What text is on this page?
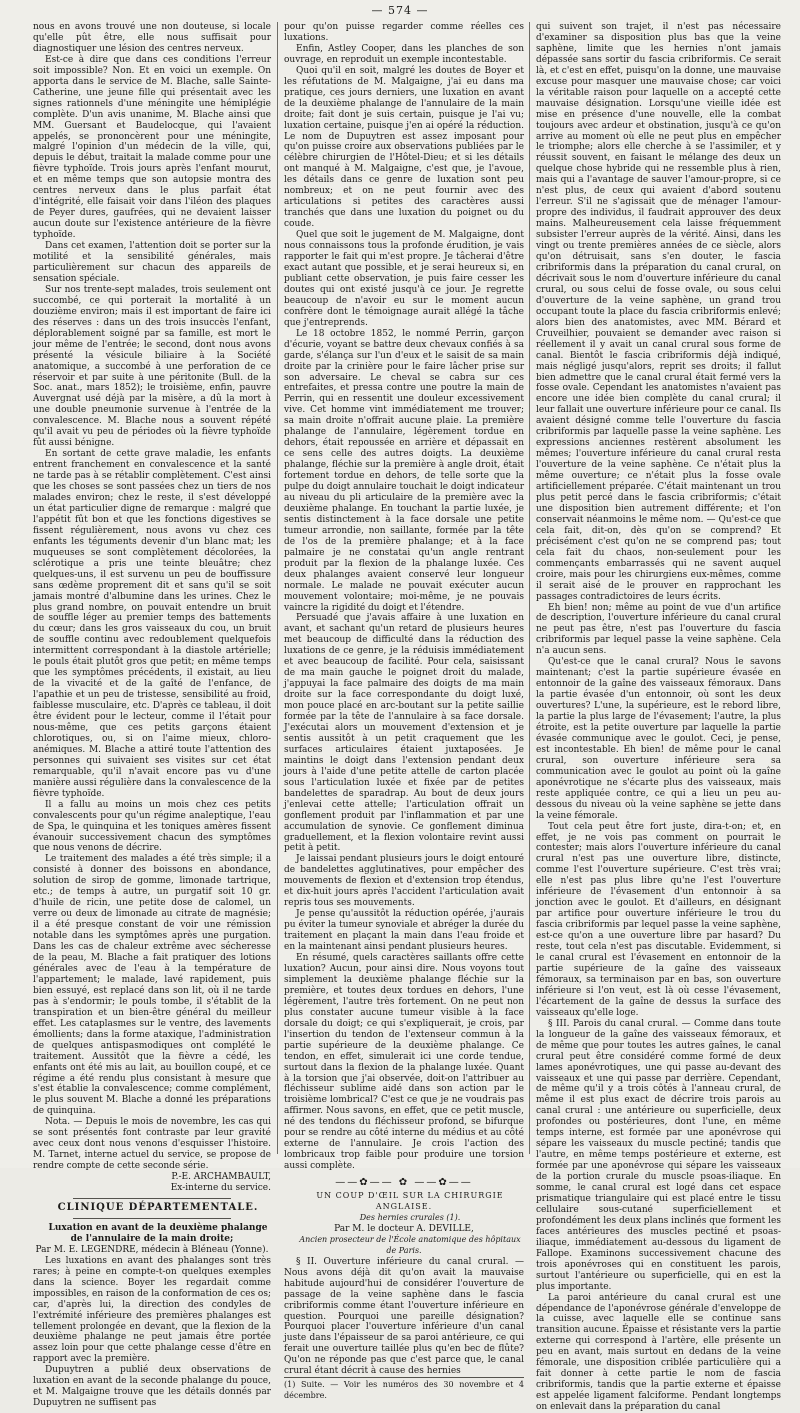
— 574 —

nous en avons trouvé une non douteuse, si locale qu'elle pût être, elle nous suffisait pour diagnostiquer une lésion des centres nerveux.

Est-ce à dire que dans ces conditions l'erreur soit impossible? Non. Et en voici un exemple. On apporta dans le service de M. Blache, salle Sainte-Catherine, une jeune fille qui présentait avec les signes rationnels d'une méningite une hémiplégie complète. D'un avis unanime, M. Blache ainsi que MM. Guersant et Baudelocque, qui l'avaient appelés, se prononcèrent pour une méningite, malgré l'opinion d'un médecin de la ville, qui, depuis le début, traitait la malade comme pour une fièvre typhoïde. Trois jours après l'enfant mourut, et en même temps que son autopsie montra des centres nerveux dans le plus parfait état d'intégrité, elle faisait voir dans l'iléon des plaques de Peyer dures, gaufrées, qui ne devaient laisser aucun doute sur l'existence antérieure de la fièvre typhoïde.

Dans cet examen, l'attention doit se porter sur la motilité et la sensibilité générales, mais particulièrement sur chacun des appareils de sensation spéciale.

Sur nos trente-sept malades, trois seulement ont succombé, ce qui porterait la mortalité à un douzième environ; mais il est important de faire ici des réserves : dans un des trois insuccès l'enfant, déplorablement soigné par sa famille, est mort le jour même de l'entrée; le second, dont nous avons présenté la vésicule biliaire à la Société anatomique, a succombé à une perforation de ce réservoir et par suite à une péritonite (Bull. de la Soc. anat., mars 1852); le troisième, enfin, pauvre Auvergnat usé déjà par la misère, a dû la mort à une double pneumonie survenue à l'entrée de la convalescence. M. Blache nous a souvent répété qu'il avait vu peu de périodes où la fièvre typhoïde fût aussi bénigne.

En sortant de cette grave maladie, les enfants entrent franchement en convalescence et la santé ne tarde pas à se rétablir complètement. C'est ainsi que les choses se sont passées chez un tiers de nos malades environ; chez le reste, il s'est développé un état particulier digne de remarque : malgré que l'appétit fût bon et que les fonctions digestives se fissent régulièrement, nous avons vu chez ces enfants les téguments devenir d'un blanc mat; les muqueuses se sont complètement décolorées, la sclérotique a pris une teinte bleuâtre; chez quelques-uns, il est survenu un peu de bouffissure sans œdème proprement dit et sans qu'il se soit jamais montré d'albumine dans les urines. Chez le plus grand nombre, on pouvait entendre un bruit de souffle léger au premier temps des battements du cœur; dans les gros vaisseaux du cou, un bruit de souffle continu avec redoublement quelquefois intermittent correspondant à la diastole artérielle; le pouls était plutôt gros que petit; en même temps que les symptômes précédents, il existait, au lieu de la vivacité et de la gaîté de l'enfance, de l'apathie et un peu de tristesse, sensibilité au froid, faiblesse musculaire, etc. D'après ce tableau, il doit être évident pour le lecteur, comme il l'était pour nous-même, que ces petits garçons étaient chlorotiques, ou, si on l'aime mieux, chloro-anémiques. M. Blache a attiré toute l'attention des personnes qui suivaient ses visites sur cet état remarquable, qu'il n'avait encore pas vu d'une manière aussi régulière dans la convalescence de la fièvre typhoïde.

Il a fallu au moins un mois chez ces petits convalescents pour qu'un régime analeptique, l'eau de Spa, le quinquina et les toniques amères fissent évanouir successivement chacun des symptômes que nous venons de décrire.

Le traitement des malades a été très simple; il a consisté à donner des boissons en abondance, solution de sirop de gomme, limonade tartrique, etc.; de temps à autre, un purgatif soit 10 gr. d'huile de ricin, une petite dose de calomel, un verre ou deux de limonade au citrate de magnésie; il a été presque constant de voir une rémission notable dans les symptômes après une purgation. Dans les cas de chaleur extrême avec sécheresse de la peau, M. Blache a fait pratiquer des lotions générales avec de l'eau à la température de l'appartement; le malade, lavé rapidement, puis bien essuyé, est replacé dans son lit, où il ne tarde pas à s'endormir; le pouls tombe, il s'établit de la transpiration et un bien-être général du meilleur effet. Les cataplasmes sur le ventre, des lavements émollients; dans la forme ataxique, l'administration de quelques antispasmodiques ont complété le traitement. Aussitôt que la fièvre a cédé, les enfants ont été mis au lait, au bouillon coupé, et ce régime a été rendu plus consistant à mesure que s'est établie la convalescence; comme complément, le plus souvent M. Blache a donné les préparations de quinquina.

Nota. — Depuis le mois de novembre, les cas qui se sont présentés font contraste par leur gravité avec ceux dont nous venons d'esquisser l'histoire. M. Tarnet, interne actuel du service, se propose de rendre compte de cette seconde série.

P.-E. ARCHAMBAULT,

Ex-interne du service.

CLINIQUE DÉPARTEMENTALE.

Luxation en avant de la deuxième phalange de l'annulaire de la main droite;

Par M. E. LEGENDRE, médecin à Bléneau (Yonne).

Les luxations en avant des phalanges sont très rares; à peine en compte-t-on quelques exemples dans la science. Boyer les regardait comme impossibles, en raison de la conformation de ces os; car, d'après lui, la direction des condyles de l'extrémité inférieure des premières phalanges est tellement prolongée en devant, que la flexion de la deuxième phalange ne peut jamais être portée assez loin pour que cette phalange cesse d'être en rapport avec la première.

Dupuytren a publié deux observations de luxation en avant de la seconde phalange du pouce, et M. Malgaigne trouve que les détails donnés par Dupuytren ne suffisent pas

pour qu'on puisse regarder comme réelles ces luxations.

Enfin, Astley Cooper, dans les planches de son ouvrage, en reproduit un exemple incontestable.

Quoi qu'il en soit, malgré les doutes de Boyer et les réfutations de M. Malgaigne, j'ai eu dans ma pratique, ces jours derniers, une luxation en avant de la deuxième phalange de l'annulaire de la main droite; fait dont je suis certain, puisque je l'ai vu; luxation certaine, puisque j'en ai opéré la réduction. Le nom de Dupuytren est assez imposant pour qu'on puisse croire aux observations publiées par le célèbre chirurgien de l'Hôtel-Dieu; et si les détails ont manqué à M. Malgaigne, c'est que, je l'avoue, les détails dans ce genre de luxation sont peu nombreux; et on ne peut fournir avec des articulations si petites des caractères aussi tranchés que dans une luxation du poignet ou du coude.

Quel que soit le jugement de M. Malgaigne, dont nous connaissons tous la profonde érudition, je vais rapporter le fait qui m'est propre. Je tâcherai d'être exact autant que possible, et je serai heureux si, en publiant cette observation, je puis faire cesser les doutes qui ont existé jusqu'à ce jour. Je regrette beaucoup de n'avoir eu sur le moment aucun confrère dont le témoignage aurait allégé la tâche que j'entreprends.

Le 18 octobre 1852, le nommé Perrin, garçon d'écurie, voyant se battre deux chevaux confiés à sa garde, s'élança sur l'un d'eux et le saisit de sa main droite par la crinière pour le faire lâcher prise sur son adversaire. Le cheval se cabra sur ces entrefaites, et pressa contre une poutre la main de Perrin, qui en ressentit une douleur excessivement vive. Cet homme vint immédiatement me trouver; sa main droite n'offrait aucune plaie. La première phalange de l'annulaire, légèrement tordue en dehors, était repoussée en arrière et dépassait en ce sens celle des autres doigts. La deuxième phalange, fléchie sur la première à angle droit, était fortement tordue en dehors, de telle sorte que la pulpe du doigt annulaire touchait le doigt indicateur au niveau du pli articulaire de la première avec la deuxième phalange. En touchant la partie luxée, je sentis distinctement à la face dorsale une petite tumeur arrondie, non saillante, formée par la tête de l'os de la première phalange; et à la face palmaire je ne constatai qu'un angle rentrant produit par la flexion de la phalange luxée. Ces deux phalanges avaient conservé leur longueur normale. Le malade ne pouvait exécuter aucun mouvement volontaire; moi-même, je ne pouvais vaincre la rigidité du doigt et l'étendre.

Persuadé que j'avais affaire à une luxation en avant, et sachant qu'un retard de plusieurs heures met beaucoup de difficulté dans la réduction des luxations de ce genre, je la réduisis immédiatement et avec beaucoup de facilité. Pour cela, saisissant de ma main gauche le poignet droit du malade, j'appuyai la face palmaire des doigts de ma main droite sur la face correspondante du doigt luxé, mon pouce placé en arc-boutant sur la petite saillie formée par la tête de l'annulaire à sa face dorsale. J'exécutai alors un mouvement d'extension et je sentis aussitôt à un petit craquement que les surfaces articulaires étaient juxtaposées. Je maintins le doigt dans l'extension pendant deux jours à l'aide d'une petite attelle de carton placée sous l'articulation luxée et fixée par de petites bandelettes de sparadrap. Au bout de deux jours j'enlevai cette attelle; l'articulation offrait un gonflement produit par l'inflammation et par une accumulation de synovie. Ce gonflement diminua graduellement, et la flexion volontaire revint aussi petit à petit.

Je laissai pendant plusieurs jours le doigt entouré de bandelettes agglutinatives, pour empêcher des mouvements de flexion et d'extension trop étendus, et dix-huit jours après l'accident l'articulation avait repris tous ses mouvements.

Je pense qu'aussitôt la réduction opérée, j'aurais pu éviter la tumeur synoviale et abréger la durée du traitement en plaçant la main dans l'eau froide et en la maintenant ainsi pendant plusieurs heures.

En résumé, quels caractères saillants offre cette luxation? Aucun, pour ainsi dire. Nous voyons tout simplement la deuxième phalange fléchie sur la première, et toutes deux tordues en dehors, l'une légèrement, l'autre très fortement. On ne peut non plus constater aucune tumeur visible à la face dorsale du doigt; ce qui s'expliquerait, je crois, par l'insertion du tendon de l'extenseur commun à la partie supérieure de la deuxième phalange. Ce tendon, en effet, simulerait ici une corde tendue, surtout dans la flexion de la phalange luxée. Quant à la torsion que j'ai observée, doit-on l'attribuer au fléchisseur sublime aidé dans son action par le troisième lombrical? C'est ce que je ne voudrais pas affirmer. Nous savons, en effet, que ce petit muscle, né des tendons du fléchisseur profond, se bifurque pour se rendre au côté interne du médius et au côté externe de l'annulaire. Je crois l'action des lombricaux trop faible pour produire une torsion aussi complète.

——✿—— ✿ ——✿——

UN COUP D'ŒIL SUR LA CHIRURGIE ANGLAISE.

Des hernies crurales (1).

Par M. le docteur A. DEVILLE,

Ancien prosecteur de l'École anatomique des hôpitaux de Paris.

§ II. Ouverture inférieure du canal crural. — Nous avons déjà dit qu'on avait la mauvaise habitude aujourd'hui de considérer l'ouverture de passage de la veine saphène dans le fascia cribriformis comme étant l'ouverture inférieure en question. Pourquoi une pareille désignation? Pourquoi placer l'ouverture inférieure d'un canal juste dans l'épaisseur de sa paroi antérieure, ce qui ferait une ouverture taillée plus qu'en bec de flûte? Qu'on ne réponde pas que c'est parce que, le canal crural étant décrit à cause des hernies

(1) Suite. — Voir les numéros des 30 novembre et 4 décembre.

qui suivent son trajet, il n'est pas nécessaire d'examiner sa disposition plus bas que la veine saphène, limite que les hernies n'ont jamais dépassée sans sortir du fascia cribriformis. Ce serait là, et c'est en effet, puisqu'on la donne, une mauvaise excuse pour masquer une mauvaise chose; car voici la véritable raison pour laquelle on a accepté cette mauvaise désignation. Lorsqu'une vieille idée est mise en présence d'une nouvelle, elle la combat toujours avec ardeur et obstination, jusqu'à ce qu'on arrive au moment où elle ne peut plus en empêcher le triomphe; alors elle cherche à se l'assimiler, et y réussit souvent, en faisant le mélange des deux un quelque chose hybride qui ne ressemble plus à rien, mais qui a l'avantage de sauver l'amour-propre, si ce n'est plus, de ceux qui avaient d'abord soutenu l'erreur. S'il ne s'agissait que de ménager l'amour-propre des individus, il faudrait approuver des deux mains. Malheureusement cela laisse fréquemment subsister l'erreur auprès de la vérité. Ainsi, dans les vingt ou trente premières années de ce siècle, alors qu'on détruisait, sans s'en douter, le fascia cribriformis dans la préparation du canal crural, on décrivait sous le nom d'ouverture inférieure du canal crural, ou sous celui de fosse ovale, ou sous celui d'ouverture de la veine saphène, un grand trou occupant toute la place du fascia cribriformis enlevé; alors bien des anatomistes, avec MM. Bérard et Cruveilhier, pouvaient se demander avec raison si réellement il y avait un canal crural sous forme de canal. Bientôt le fascia cribriformis déjà indiqué, mais négligé jusqu'alors, reprit ses droits; il fallut bien admettre que le canal crural était fermé vers la fosse ovale. Cependant les anatomistes n'avaient pas encore une idée bien complète du canal crural; il leur fallait une ouverture inférieure pour ce canal. Ils avaient désigné comme telle l'ouverture du fascia cribriformis par laquelle passe la veine saphène. Les expressions anciennes restèrent absolument les mêmes; l'ouverture inférieure du canal crural resta l'ouverture de la veine saphène. Ce n'était plus la même ouverture; ce n'était plus la fosse ovale artificiellement préparée. C'était maintenant un trou plus petit percé dans le fascia cribriformis; c'était une disposition bien autrement différente; et l'on conservait néanmoins le même nom. — Qu'est-ce que cela fait, dit-on, dès qu'on se comprend? Et précisément c'est qu'on ne se comprend pas; tout cela fait du chaos, non-seulement pour les commençants embarrassés qui ne savent auquel croire, mais pour les chirurgiens eux-mêmes, comme il serait aisé de le prouver en rapprochant les passages contradictoires de leurs écrits.

Eh bien! non; même au point de vue d'un artifice de description, l'ouverture inférieure du canal crural ne peut pas être, n'est pas l'ouverture du fascia cribriformis par lequel passe la veine saphène. Cela n'a aucun sens.

Qu'est-ce que le canal crural? Nous le savons maintenant; c'est la partie supérieure évasée en entonnoir de la gaîne des vaisseaux fémoraux. Dans la partie évasée d'un entonnoir, où sont les deux ouvertures? L'une, la supérieure, est le rebord libre, la partie la plus large de l'évasement; l'autre, la plus étroite, est la petite ouverture par laquelle la partie évasée communique avec le goulot. Ceci, je pense, est incontestable. Eh bien! de même pour le canal crural, son ouverture inférieure sera sa communication avec le goulot au point où la gaîne aponévrotique ne s'écarte plus des vaisseaux, mais reste appliquée contre, ce qui a lieu un peu au-dessous du niveau où la veine saphène se jette dans la veine fémorale.

Tout cela peut être fort juste, dira-t-on; et, en effet, je ne vois pas comment on pourrait le contester; mais alors l'ouverture inférieure du canal crural n'est pas une ouverture libre, distincte, comme l'est l'ouverture supérieure. C'est très vrai; elle n'est pas plus libre qu'ne l'est l'ouverture inférieure de l'évasement d'un entonnoir à sa jonction avec le goulot. Et d'ailleurs, en désignant par artifice pour ouverture inférieure le trou du fascia cribriformis par lequel passe la veine saphène, est-ce qu'on a une ouverture libre par hasard? Du reste, tout cela n'est pas discutable. Evidemment, si le canal crural est l'évasement en entonnoir de la partie supérieure de la gaîne des vaisseaux fémoraux, sa terminaison par en bas, son ouverture inférieure si l'on veut, est là où cesse l'évasement, l'écartement de la gaîne de dessus la surface des vaisseaux qu'elle loge.

§ III. Parois du canal crural. — Comme dans toute la longueur de la gaîne des vaisseaux fémoraux, et de même que pour toutes les autres gaînes, le canal crural peut être considéré comme formé de deux lames aponévrotiques, une qui passe au-devant des vaisseaux et une qui passe par derrière. Cependant, de même qu'il y a trois côtés à l'anneau crural, de même il est plus exact de décrire trois parois au canal crural : une antérieure ou superficielle, deux profondes ou postérieures, dont l'une, en même temps interne, est formée par une aponévrose qui sépare les vaisseaux du muscle pectiné; tandis que l'autre, en même temps postérieure et externe, est formée par une aponévrose qui sépare les vaisseaux de la portion crurale du muscle psoas-iliaque. En somme, le canal crural est logé dans cet espace prismatique triangulaire qui est placé entre le tissu cellulaire sous-cutané superficiellement et profondément les deux plans inclinés que forment les faces antérieures des muscles pectiné et psoas-iliaque, immédiatement au-dessous du ligament de Fallope. Examinons successivement chacune des trois aponévroses qui en constituent les parois, surtout l'antérieure ou superficielle, qui en est la plus importante.

La paroi antérieure du canal crural est une dépendance de l'aponévrose générale d'enveloppe de la cuisse, avec laquelle elle se continue sans transition aucune. Épaisse et résistante vers la partie externe qui correspond à l'artère, elle présente un peu en avant, mais surtout en dedans de la veine fémorale, une disposition criblée particulière qui a fait donner à cette partie le nom de fascia cribriformis, tandis que la partie externe et épaisse est appelée ligament falciforme. Pendant longtemps on enlevait dans la préparation du canal
